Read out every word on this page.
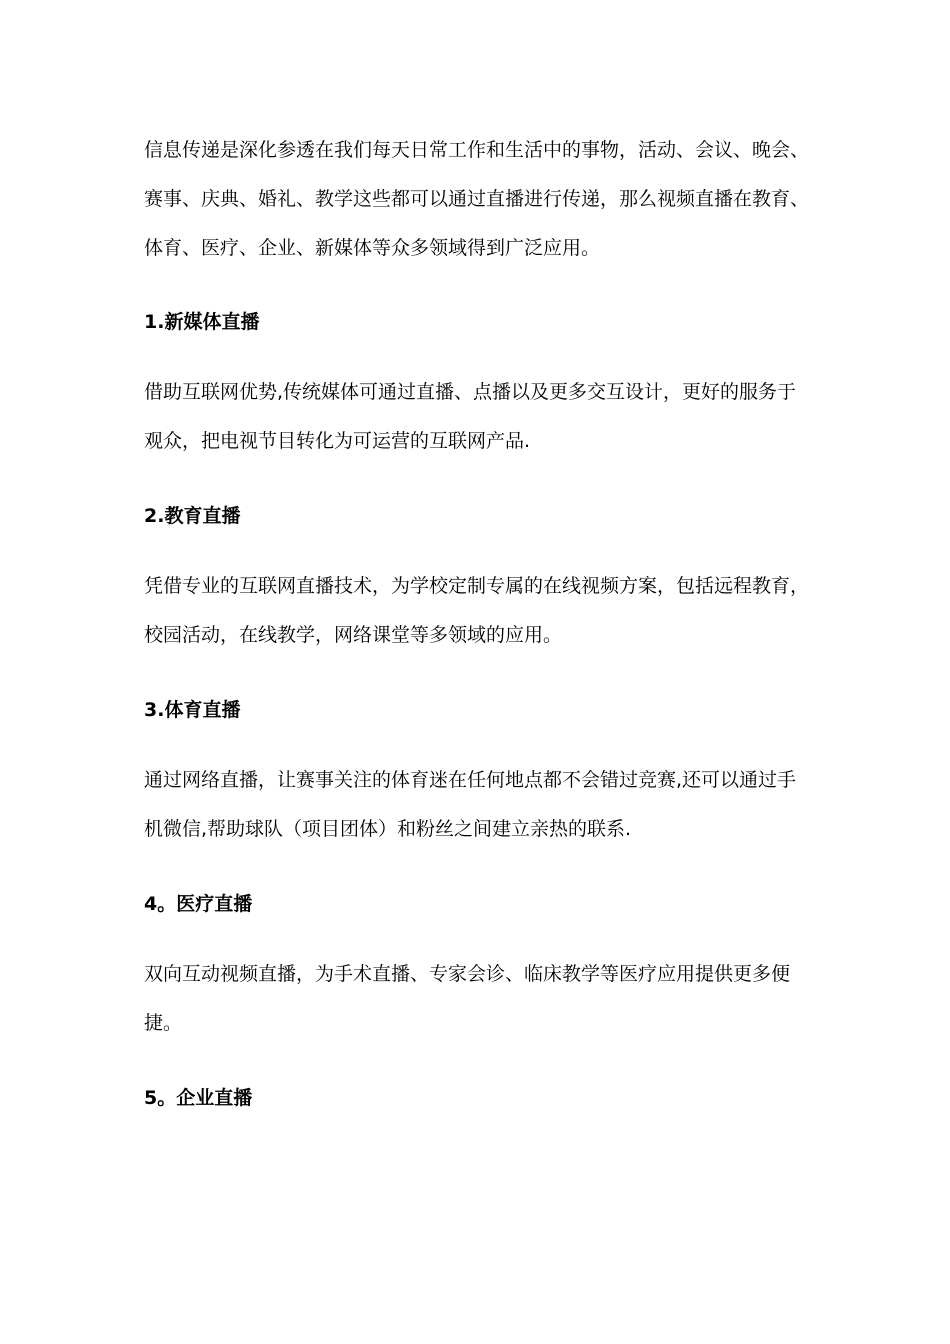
信息传递是深化参透在我们每天日常工作和生活中的事物，活动、会议、晚会、
赛事、庆典、婚礼、教学这些都可以通过直播进行传递，那么视频直播在教育、
体育、医疗、企业、新媒体等众多领域得到广泛应用。

1.新媒体直播

借助互联网优势,传统媒体可通过直播、点播以及更多交互设计，更好的服务于
观众，把电视节目转化为可运营的互联网产品.

2.教育直播

凭借专业的互联网直播技术，为学校定制专属的在线视频方案，包括远程教育，
校园活动，在线教学，网络课堂等多领域的应用。

3.体育直播

通过网络直播，让赛事关注的体育迷在任何地点都不会错过竞赛,还可以通过手
机微信,帮助球队（项目团体）和粉丝之间建立亲热的联系.

4。医疗直播

双向互动视频直播，为手术直播、专家会诊、临床教学等医疗应用提供更多便
捷。

5。企业直播
